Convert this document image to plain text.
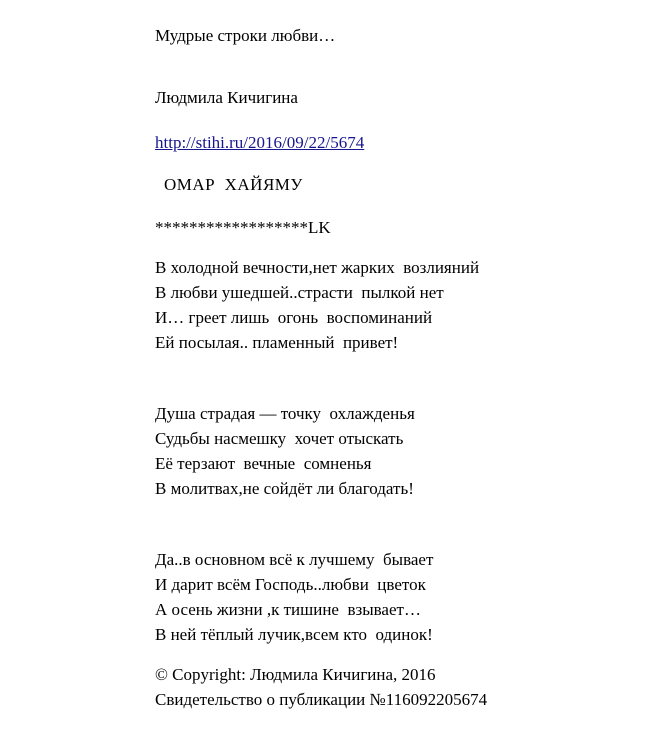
Мудрые строки любви…
Людмила Кичигина
http://stihi.ru/2016/09/22/5674
ОМАР  ХАЙЯМУ
******************LK
В холодной вечности,нет жарких  возлияний
В любви ушедшей..страсти  пылкой нет
И… греет лишь  огонь  воспоминаний
Ей посылая.. пламенный  привет!
Душа страдая — точку  охлажденья
Судьбы насмешку  хочет отыскать
Её терзают  вечные  сомненья
В молитвах,не сойдёт ли благодать!
Да..в основном всё к лучшему  бывает
И дарит всём Господь..любви  цветок
А осень жизни ,к тишине  взывает…
В ней тёплый лучик,всем кто  одинок!
© Copyright: Людмила Кичигина, 2016
Свидетельство о публикации №116092205674
